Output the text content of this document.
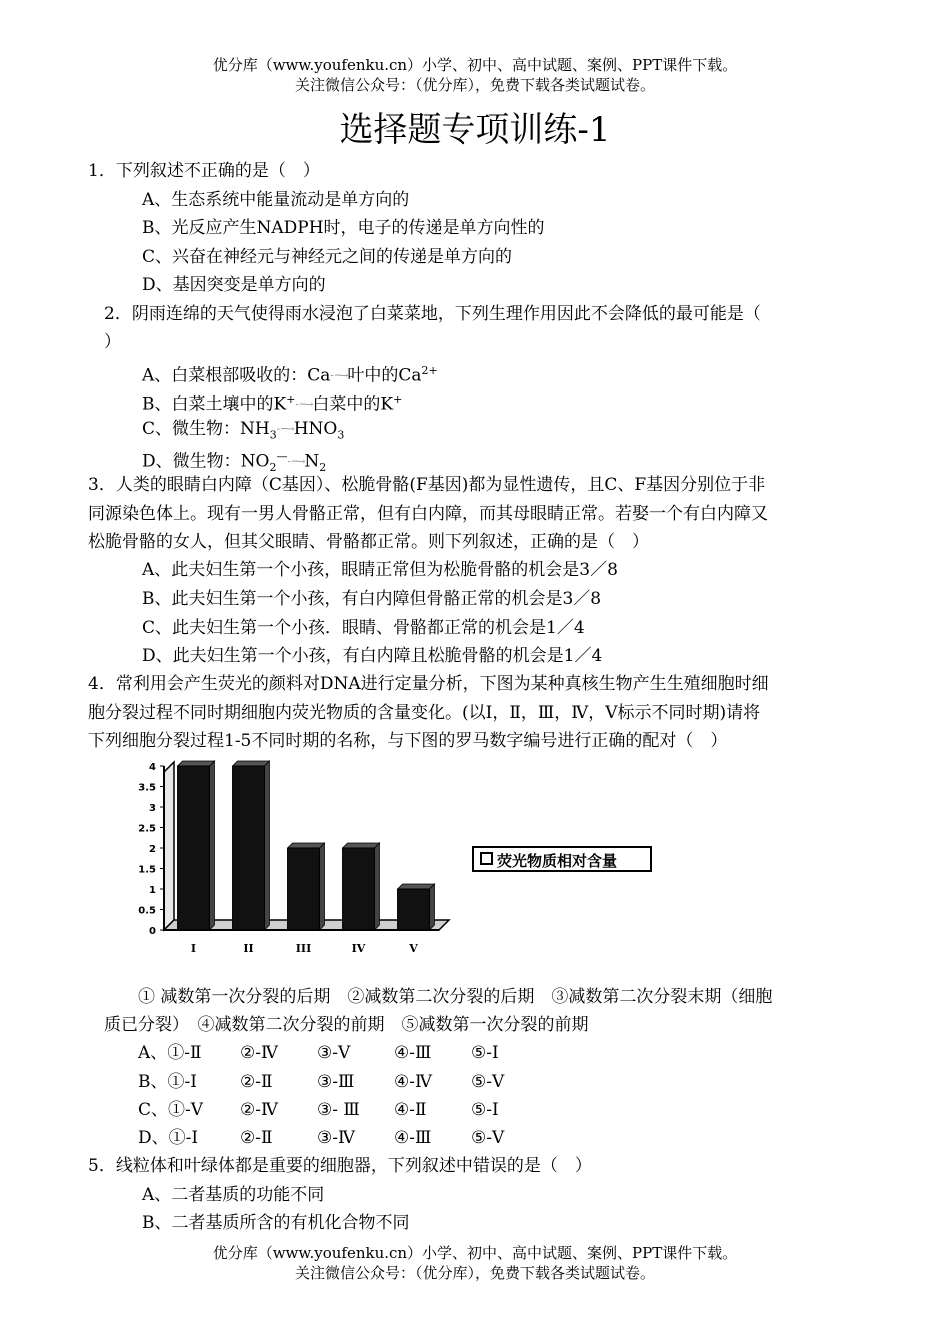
优分库（www.youfenku.cn）小学、初中、高中试题、案例、PPT课件下载。
关注微信公众号：（优分库），免费下载各类试题试卷。
选择题专项训练-1
1．下列叙述不正确的是（　）
A、生态系统中能量流动是单方向的
B、光反应产生NADPH时，电子的传递是单方向性的
C、兴奋在神经元与神经元之间的传递是单方向的
D、基因突变是单方向的
2．阴雨连绵的天气使得雨水浸泡了白菜菜地，下列生理作用因此不会降低的最可能是（
）
A、白菜根部吸收的：Ca- ─→叶中的$Ca^{2+}$
B、白菜土壤中的K+- ─→白菜中的K+
C、微生物：$NH_3-$ $─\to HNO_3$
D、微生物：$NO_2^—-$ $─\to N_2$
3．人类的眼睛白内障（C基因）、松脆骨骼(F基因)都为显性遗传，且C、F基因分别位于非
同源染色体上。现有一男人骨骼正常，但有白内障，而其母眼睛正常。若娶一个有白内障又
松脆骨骼的女人，但其父眼睛、骨骼都正常。则下列叙述，正确的是（　）
A、此夫妇生第一个小孩，眼睛正常但为松脆骨骼的机会是3／8
B、此夫妇生第一个小孩，有白内障但骨骼正常的机会是3／8
C、此夫妇生第一个小孩．眼睛、骨骼都正常的机会是1／4
D、此夫妇生第一个小孩，有白内障且松脆骨骼的机会是1／4
4．常利用会产生荧光的颜料对DNA进行定量分析，下图为某种真核生物产生生殖细胞时细
胞分裂过程不同时期细胞内荧光物质的含量变化。(以Ⅰ，Ⅱ，Ⅲ，Ⅳ，Ⅴ标示不同时期)请将
下列细胞分裂过程1-5不同时期的名称，与下图的罗马数字编号进行正确的配对（　）
0
0.5
1
1.5
2
2.5
3
3.5
4
I	II	III	IV	V
荧光物质相对含量
① 减数第一次分裂的后期　②减数第二次分裂的后期　③减数第二次分裂末期（细胞
质已分裂）　④减数第二次分裂的前期　⑤减数第一次分裂的前期
A、①-Ⅱ ②-Ⅳ ③-Ⅴ	④-Ⅲ ⑤-Ⅰ
B、①-Ⅰ	②-Ⅱ	③-Ⅲ ④-Ⅳ ⑤-Ⅴ
C、①-Ⅴ ②-Ⅳ ③- Ⅲ ④-Ⅱ	⑤-Ⅰ
D、①-Ⅰ ②-Ⅱ	③-Ⅳ ④-Ⅲ ⑤-Ⅴ
5．线粒体和叶绿体都是重要的细胞器，下列叙述中错误的是（　）
A、二者基质的功能不同
B、二者基质所含的有机化合物不同
优分库（www.youfenku.cn）小学、初中、高中试题、案例、PPT课件下载。
关注微信公众号：（优分库），免费下载各类试题试卷。
